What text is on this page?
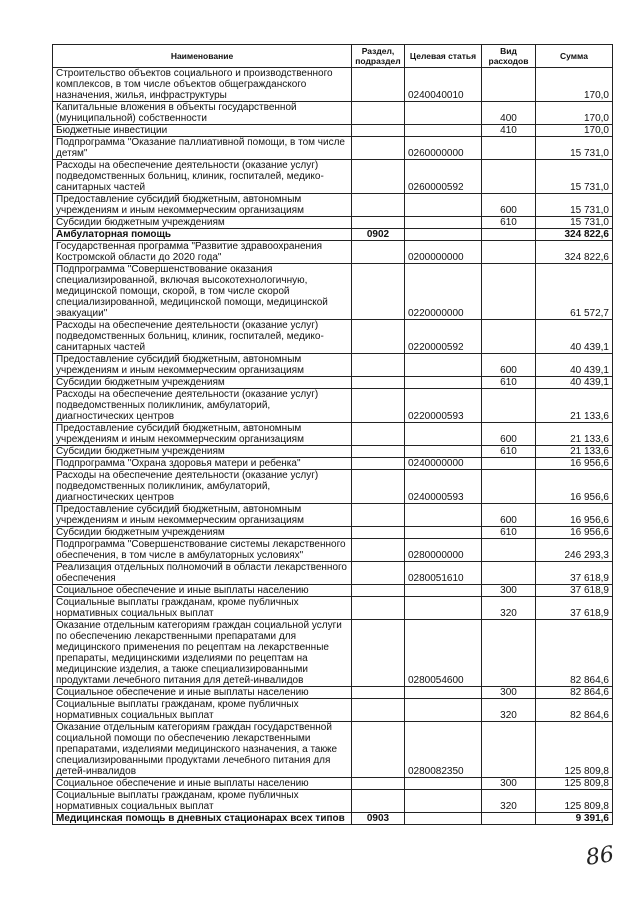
Наименование	Раздел, подраздел	Целевая статья	Вид расходов	Сумма
Строительство объектов социального и производственного комплексов, в том числе объектов общегражданского назначения, жилья, инфраструктуры		0240040010		170,0
Капитальные вложения в объекты государственной (муниципальной) собственности			400	170,0
Бюджетные инвестиции			410	170,0
Подпрограмма "Оказание паллиативной помощи, в том числе детям"		0260000000		15 731,0
Расходы на обеспечение деятельности (оказание услуг) подведомственных больниц, клиник, госпиталей, медико-санитарных частей		0260000592		15 731,0
Предоставление субсидий бюджетным, автономным учреждениям и иным некоммерческим организациям			600	15 731,0
Субсидии бюджетным учреждениям			610	15 731,0
Амбулаторная помощь	0902			324 822,6
Государственная программа "Развитие здравоохранения Костромской области до 2020 года"		0200000000		324 822,6
Подпрограмма "Совершенствование оказания специализированной, включая высокотехнологичную, медицинской помощи, скорой, в том числе скорой специализированной, медицинской помощи, медицинской эвакуации"		0220000000		61 572,7
Расходы на обеспечение деятельности (оказание услуг) подведомственных больниц, клиник, госпиталей, медико-санитарных частей		0220000592		40 439,1
Предоставление субсидий бюджетным, автономным учреждениям и иным некоммерческим организациям			600	40 439,1
Субсидии бюджетным учреждениям			610	40 439,1
Расходы на обеспечение деятельности (оказание услуг) подведомственных поликлиник, амбулаторий, диагностических центров		0220000593		21 133,6
Предоставление субсидий бюджетным, автономным учреждениям и иным некоммерческим организациям			600	21 133,6
Субсидии бюджетным учреждениям			610	21 133,6
Подпрограмма "Охрана здоровья матери и ребенка"		0240000000		16 956,6
Расходы на обеспечение деятельности (оказание услуг) подведомственных поликлиник, амбулаторий, диагностических центров		0240000593		16 956,6
Предоставление субсидий бюджетным, автономным учреждениям и иным некоммерческим организациям			600	16 956,6
Субсидии бюджетным учреждениям			610	16 956,6
Подпрограмма "Совершенствование системы лекарственного обеспечения, в том числе в амбулаторных условиях"		0280000000		246 293,3
Реализация отдельных полномочий в области лекарственного обеспечения		0280051610		37 618,9
Социальное обеспечение и иные выплаты населению			300	37 618,9
Социальные выплаты гражданам, кроме публичных нормативных социальных выплат			320	37 618,9
Оказание отдельным категориям граждан социальной услуги по обеспечению лекарственными препаратами для медицинского применения по рецептам на лекарственные препараты, медицинскими изделиями по рецептам на медицинские изделия, а также специализированными продуктами лечебного питания для детей-инвалидов		0280054600		82 864,6
Социальное обеспечение и иные выплаты населению			300	82 864,6
Социальные выплаты гражданам, кроме публичных нормативных социальных выплат			320	82 864,6
Оказание отдельным категориям граждан государственной социальной помощи по обеспечению лекарственными препаратами, изделиями медицинского назначения, а также специализированными продуктами лечебного питания для детей-инвалидов		0280082350		125 809,8
Социальное обеспечение и иные выплаты населению			300	125 809,8
Социальные выплаты гражданам, кроме публичных нормативных социальных выплат			320	125 809,8
Медицинская помощь в дневных стационарах всех типов	0903			9 391,6
86
